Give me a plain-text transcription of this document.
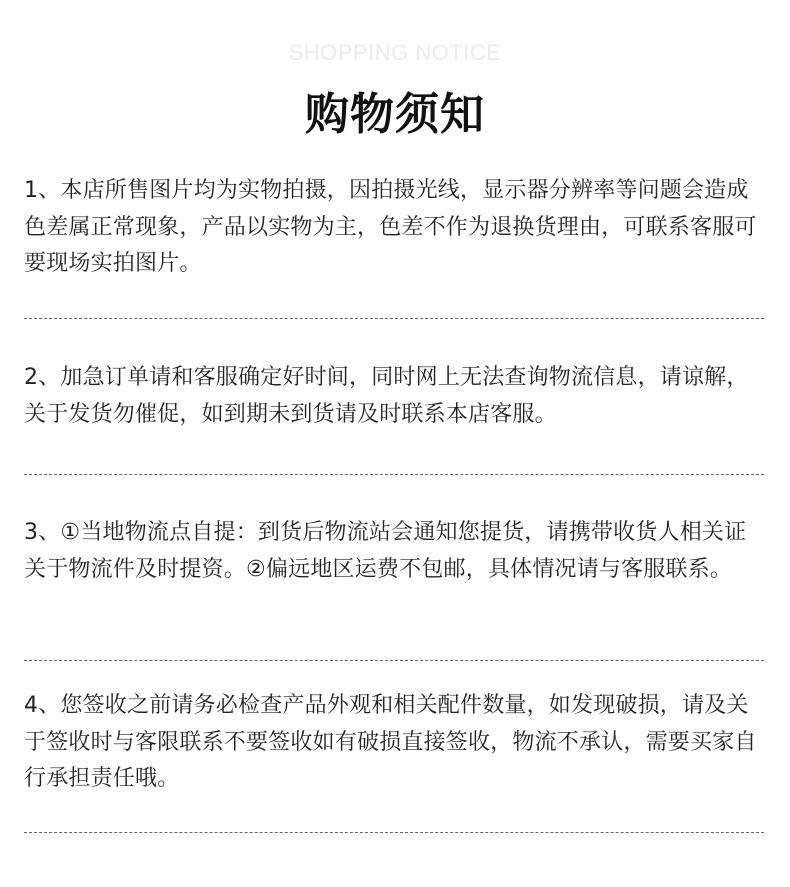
SHOPPING NOTICE
购物须知

1、本店所售图片均为实物拍摄，因拍摄光线，显示器分辨率等问题会造成色差属正常现象，产品以实物为主，色差不作为退换货理由，可联系客服可要现场实拍图片。

2、加急订单请和客服确定好时间，同时网上无法查询物流信息，请谅解，关于发货勿催促，如到期未到货请及时联系本店客服。

3、①当地物流点自提：到货后物流站会通知您提货，请携带收货人相关证关于物流件及时提资。②偏远地区运费不包邮，具体情况请与客服联系。

4、您签收之前请务必检查产品外观和相关配件数量，如发现破损，请及关于签收时与客限联系不要签收如有破损直接签收，物流不承认，需要买家自行承担责任哦。
